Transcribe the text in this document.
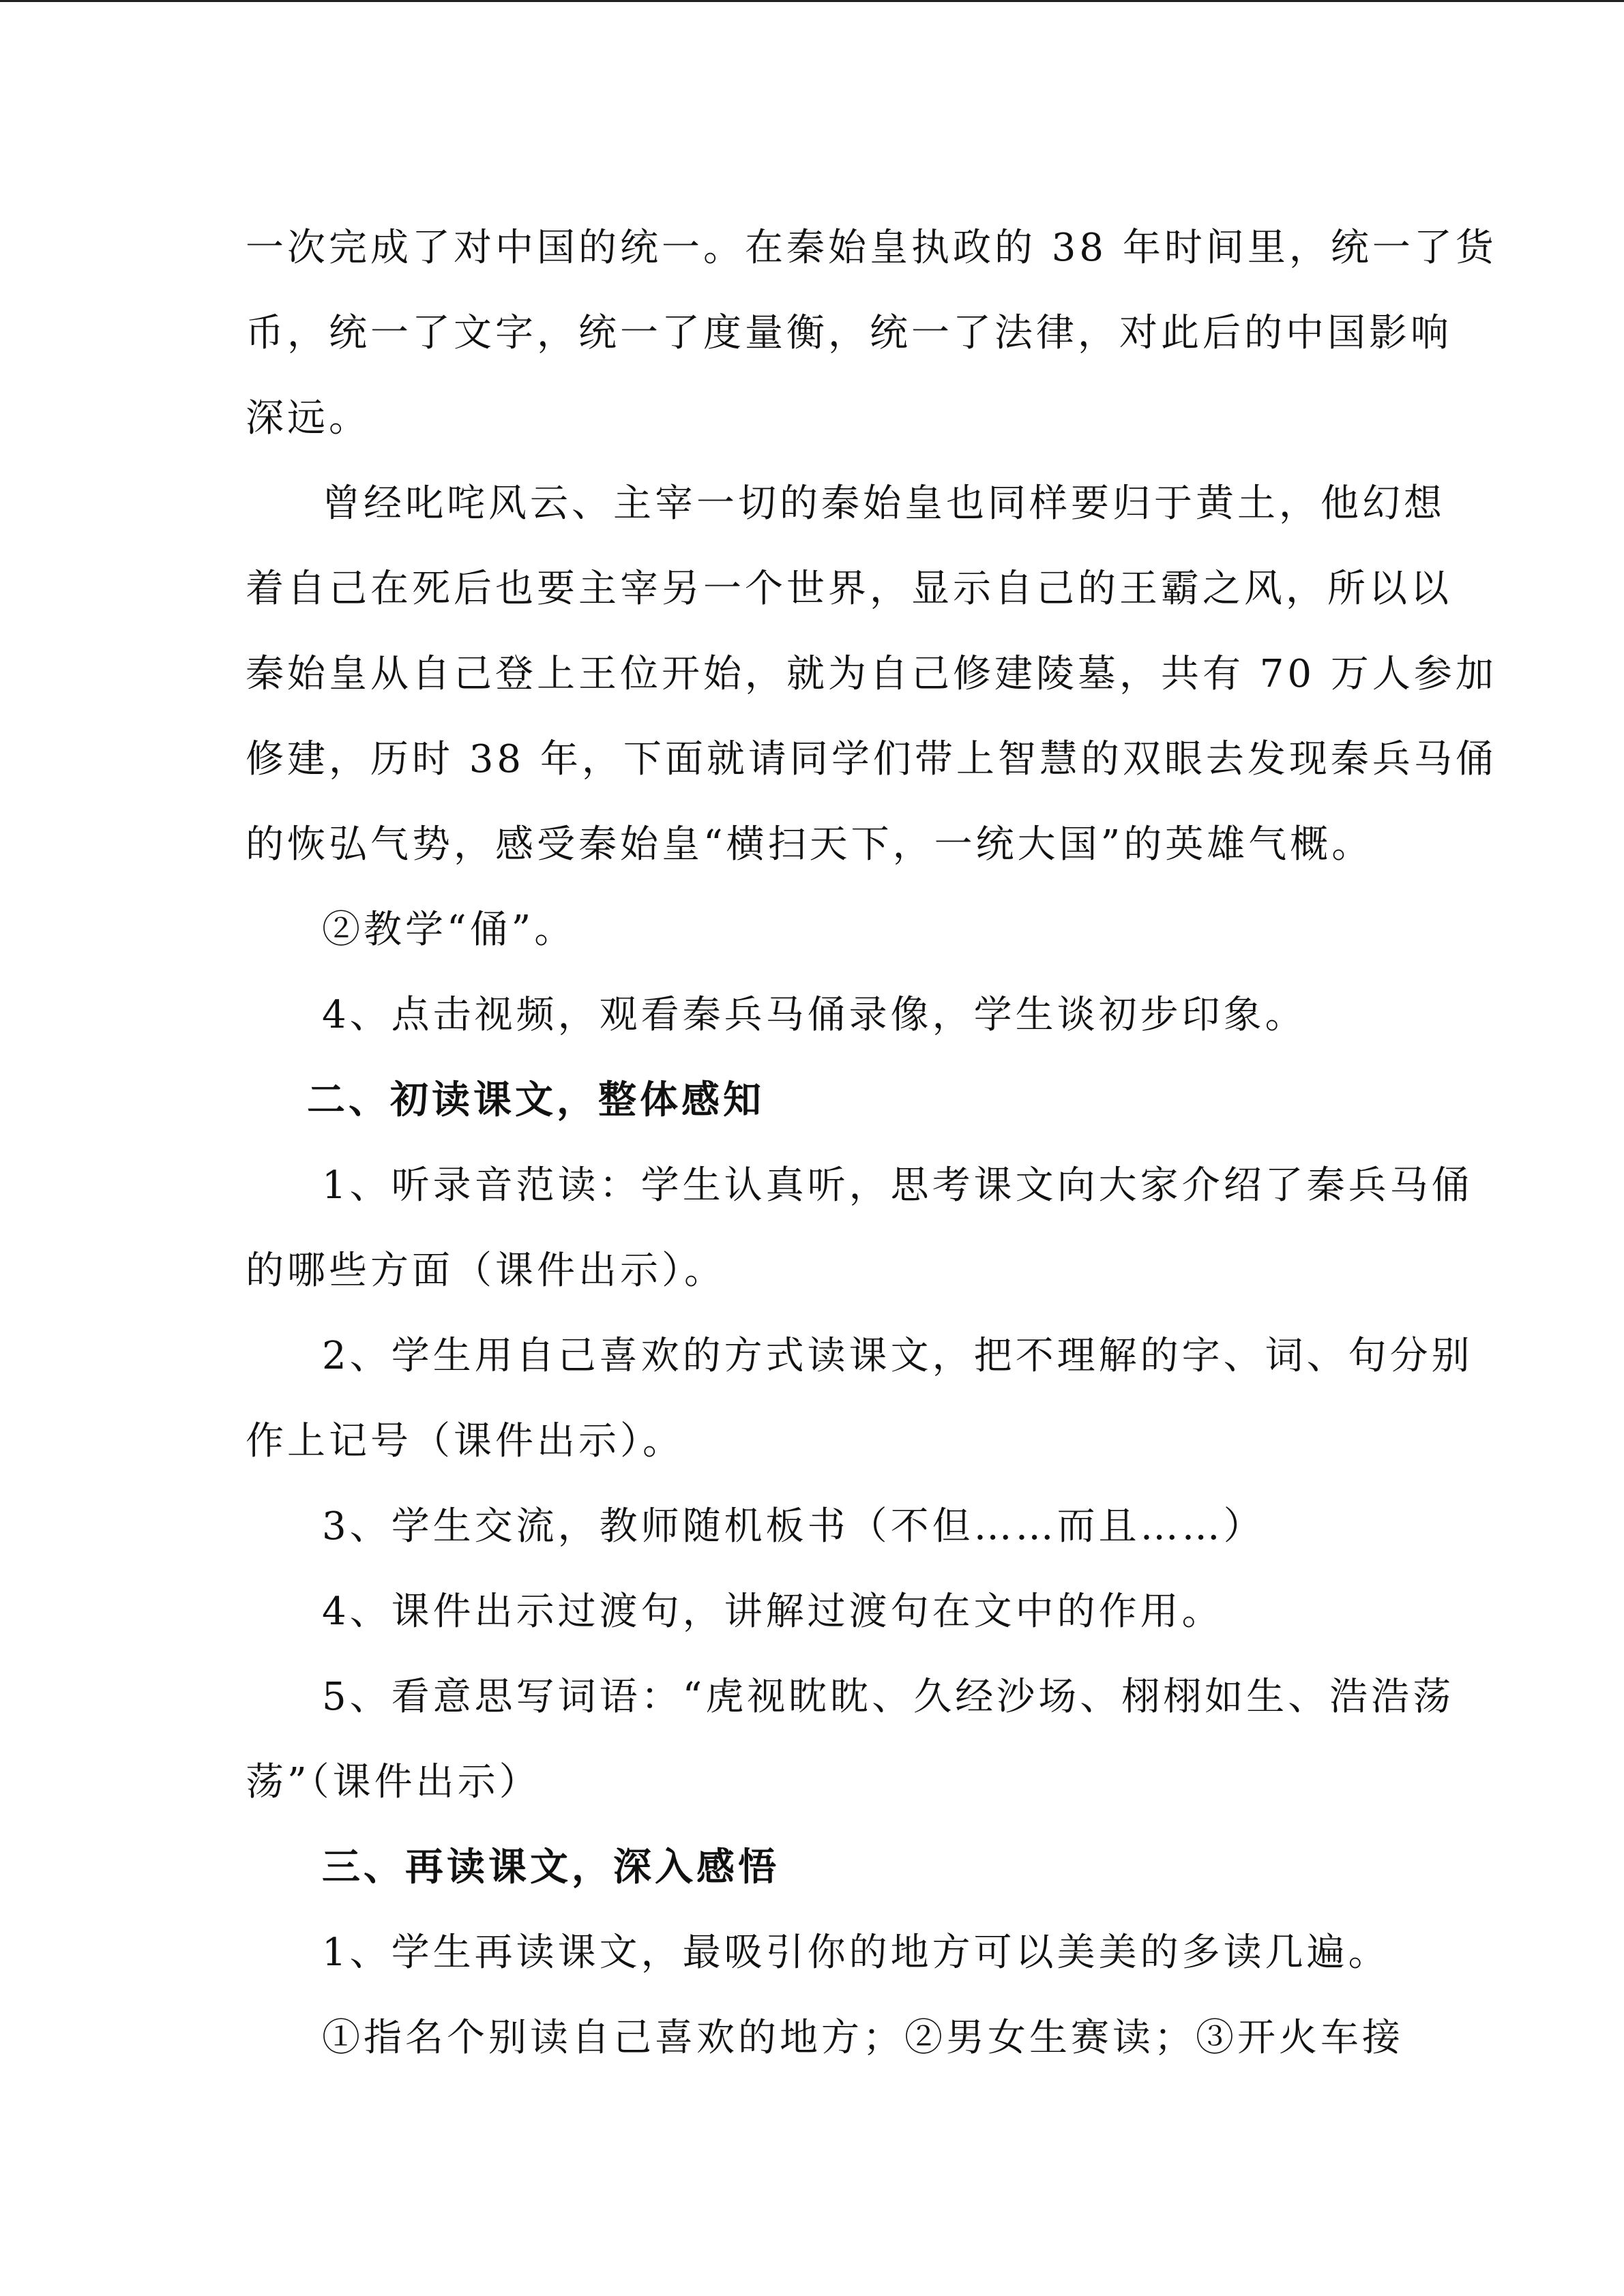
一次完成了对中国的统一。在秦始皇执政的 38 年时间里，统一了货

币，统一了文字，统一了度量衡，统一了法律，对此后的中国影响

深远。

曾经叱咤风云、主宰一切的秦始皇也同样要归于黄土，他幻想

着自己在死后也要主宰另一个世界，显示自己的王霸之风，所以以

秦始皇从自己登上王位开始，就为自己修建陵墓，共有 70 万人参加

修建，历时 38 年，下面就请同学们带上智慧的双眼去发现秦兵马俑

的恢弘气势，感受秦始皇“横扫天下，一统大国”的英雄气概。

②教学“俑”。

4、点击视频，观看秦兵马俑录像，学生谈初步印象。

二、初读课文，整体感知

1、听录音范读：学生认真听，思考课文向大家介绍了秦兵马俑

的哪些方面（课件出示）。

2、学生用自己喜欢的方式读课文，把不理解的字、词、句分别

作上记号（课件出示）。

3、学生交流，教师随机板书（不但……而且……）

4、课件出示过渡句，讲解过渡句在文中的作用。

5、看意思写词语：“虎视眈眈、久经沙场、栩栩如生、浩浩荡

荡”（课件出示）

三、再读课文，深入感悟

1、学生再读课文，最吸引你的地方可以美美的多读几遍。

①指名个别读自己喜欢的地方；②男女生赛读；③开火车接
